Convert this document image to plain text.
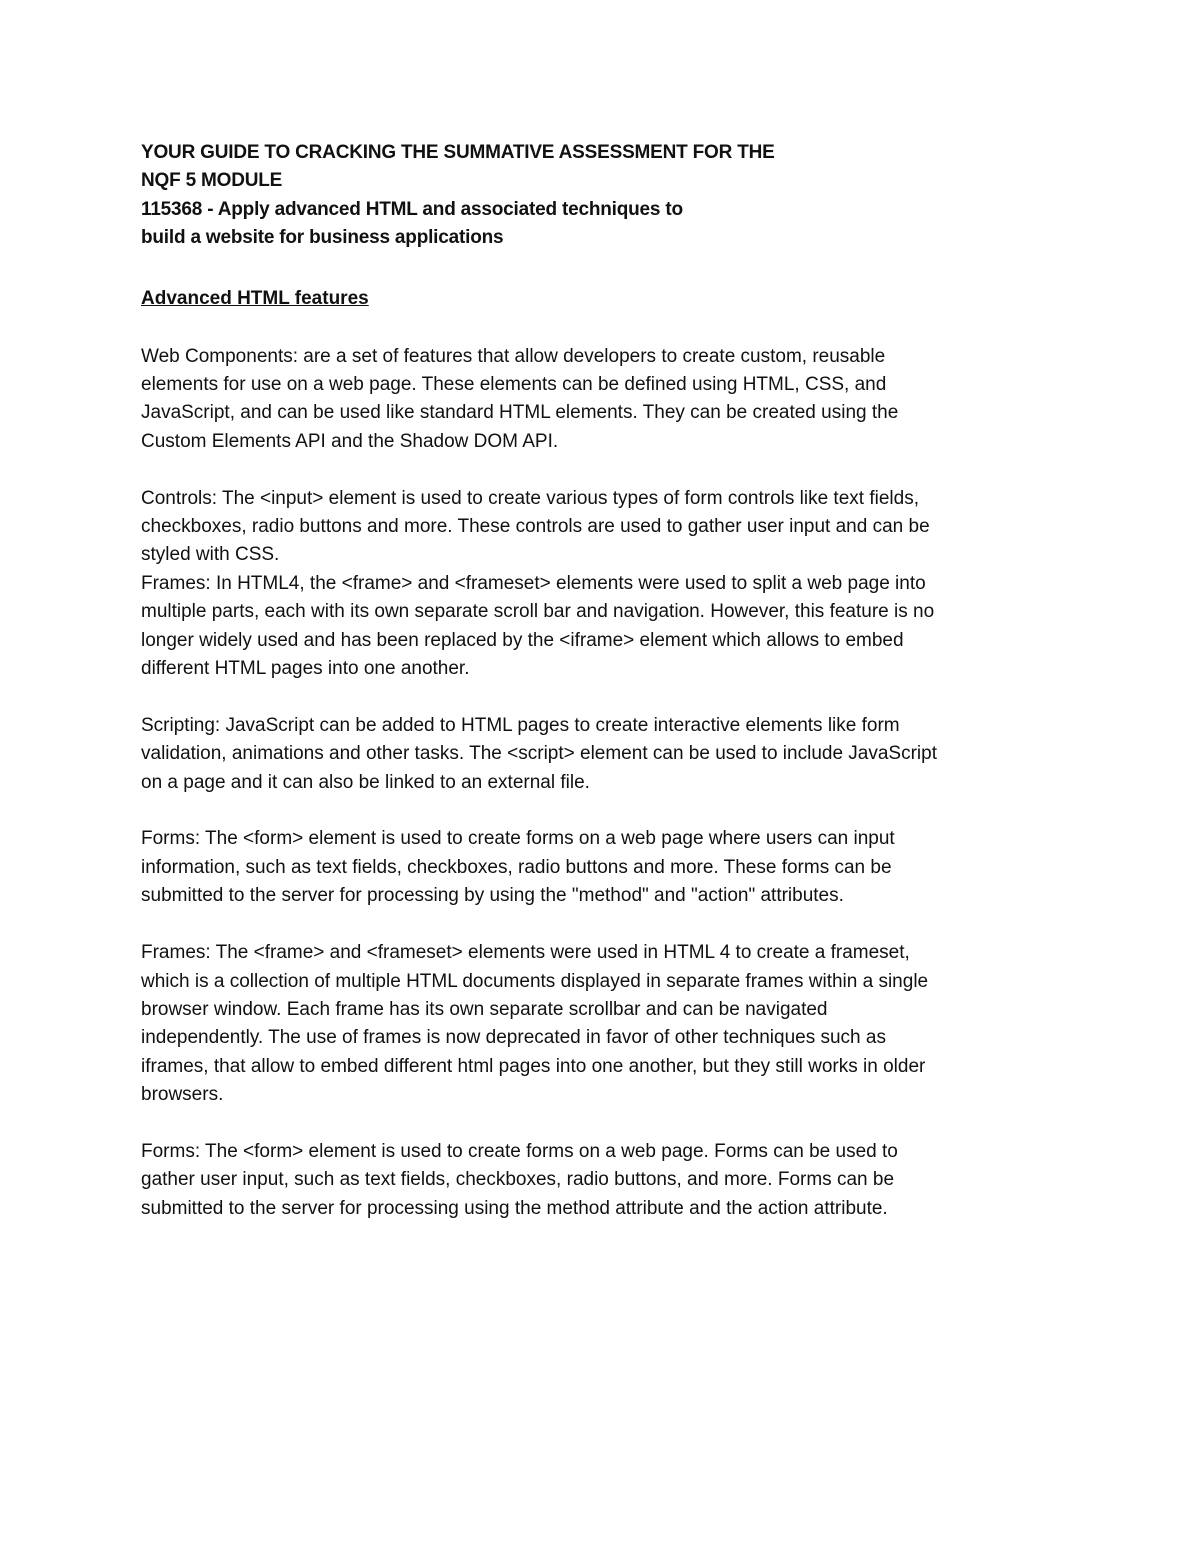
YOUR GUIDE TO CRACKING THE SUMMATIVE ASSESSMENT FOR THE
NQF 5 MODULE
115368 - Apply advanced HTML and associated techniques to
build a website for business applications
Advanced HTML features

Web Components: are a set of features that allow developers to create custom, reusable
elements for use on a web page. These elements can be defined using HTML, CSS, and
JavaScript, and can be used like standard HTML elements. They can be created using the
Custom Elements API and the Shadow DOM API.

Controls: The <input> element is used to create various types of form controls like text fields,
checkboxes, radio buttons and more. These controls are used to gather user input and can be
styled with CSS.

Frames: In HTML4, the <frame> and <frameset> elements were used to split a web page into
multiple parts, each with its own separate scroll bar and navigation. However, this feature is no
longer widely used and has been replaced by the <iframe> element which allows to embed
different HTML pages into one another.

Scripting: JavaScript can be added to HTML pages to create interactive elements like form
validation, animations and other tasks. The <script> element can be used to include JavaScript
on a page and it can also be linked to an external file.

Forms: The <form> element is used to create forms on a web page where users can input
information, such as text fields, checkboxes, radio buttons and more. These forms can be
submitted to the server for processing by using the "method" and "action" attributes.

Frames: The <frame> and <frameset> elements were used in HTML 4 to create a frameset,
which is a collection of multiple HTML documents displayed in separate frames within a single
browser window. Each frame has its own separate scrollbar and can be navigated
independently. The use of frames is now deprecated in favor of other techniques such as
iframes, that allow to embed different html pages into one another, but they still works in older
browsers.

Forms: The <form> element is used to create forms on a web page. Forms can be used to
gather user input, such as text fields, checkboxes, radio buttons, and more. Forms can be
submitted to the server for processing using the method attribute and the action attribute.
